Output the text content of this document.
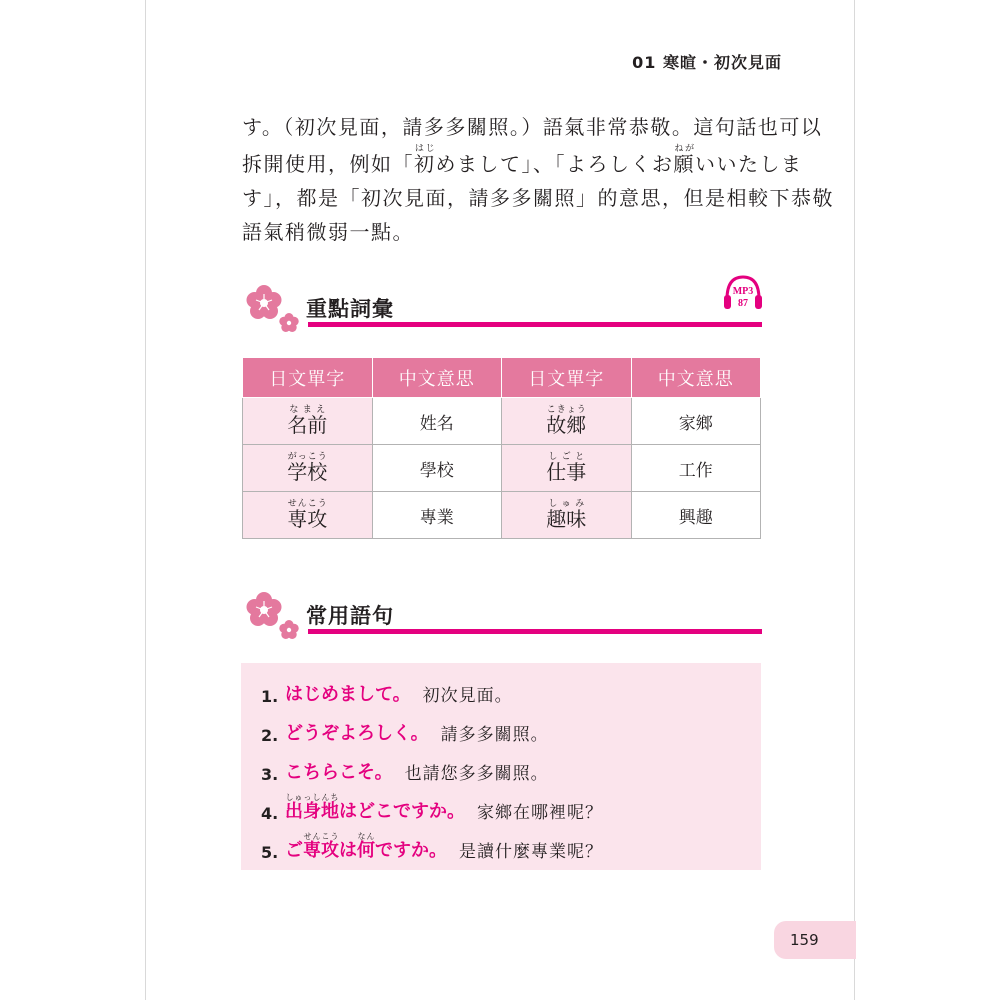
01 寒暄・初次見面
す。（初次見面，請多多關照。）語氣非常恭敬。這句話也可以
拆開使用，例如「初はじめまして」、「よろしくお願ねがいいたしま
す」，都是「初次見面，請多多關照」的意思，但是相較下恭敬
語氣稍微弱一點。
重點詞彙
MP3
87
日文單字	中文意思	日文單字	中文意思
名前なまえ	姓名	故郷こきょう	家鄉
学校がっこう	學校	仕事しごと	工作
専攻せんこう	專業	趣味しゅみ	興趣
常用語句
1. はじめまして。 初次見面。
2. どうぞよろしく。 請多多關照。
3. こちらこそ。 也請您多多關照。
4. 出身地しゅっしんちはどこですか。 家鄉在哪裡呢？
5. ご専攻せんこうは何なんですか。 是讀什麼專業呢？
159
